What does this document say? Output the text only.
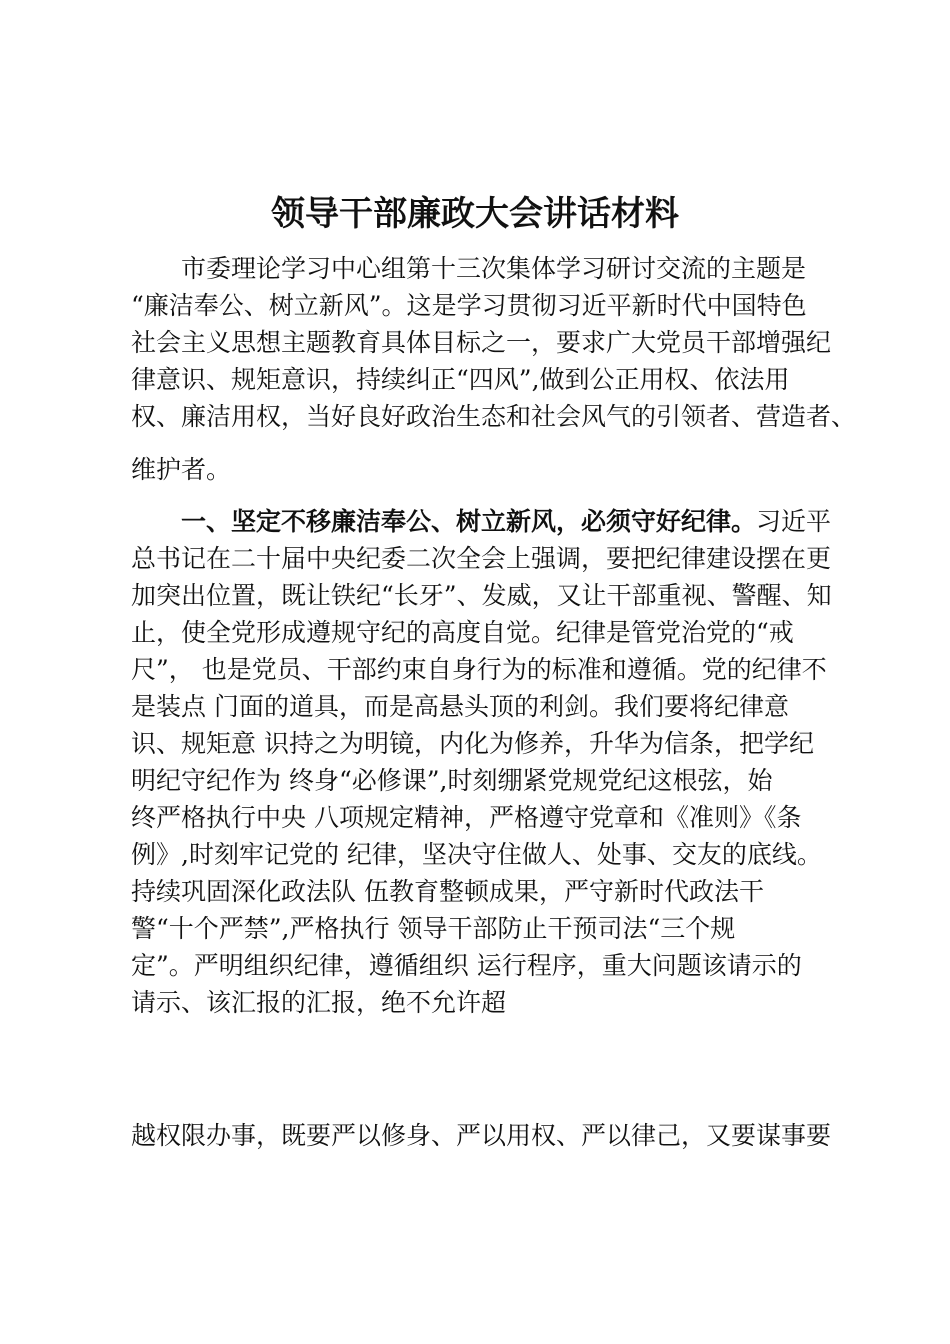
领导干部廉政大会讲话材料

市委理论学习中心组第十三次集体学习研讨交流的主题是

“廉洁奉公、树立新风”。这是学习贯彻习近平新时代中国特色

社会主义思想主题教育具体目标之一，要求广大党员干部增强纪

律意识、规矩意识，持续纠正“四风”,做到公正用权、依法用

权、廉洁用权，当好良好政治生态和社会风气的引领者、营造者、

维护者。

一、坚定不移廉洁奉公、树立新风，必须守好纪律。习近平

总书记在二十届中央纪委二次全会上强调，要把纪律建设摆在更

加突出位置，既让铁纪“长牙”、发威，又让干部重视、警醒、知

止，使全党形成遵规守纪的高度自觉。纪律是管党治党的“戒

尺”， 也是党员、干部约束自身行为的标准和遵循。党的纪律不

是装点 门面的道具，而是高悬头顶的利剑。我们要将纪律意

识、规矩意 识持之为明镜，内化为修养，升华为信条，把学纪

明纪守纪作为 终身“必修课”,时刻绷紧党规党纪这根弦，始

终严格执行中央 八项规定精神，严格遵守党章和《准则》《条

例》,时刻牢记党的 纪律，坚决守住做人、处事、交友的底线。

持续巩固深化政法队 伍教育整顿成果，严守新时代政法干

警“十个严禁”,严格执行 领导干部防止干预司法“三个规

定”。严明组织纪律，遵循组织 运行程序，重大问题该请示的

请示、该汇报的汇报，绝不允许超

越权限办事，既要严以修身、严以用权、严以律己，又要谋事要
